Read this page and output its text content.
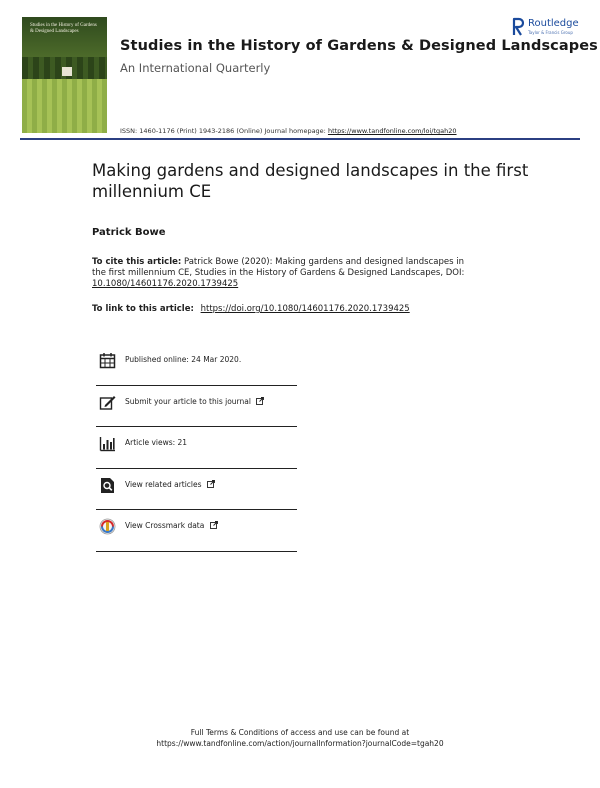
Studies in the History of Gardens & Designed Landscapes
Studies in the History of Gardens & Designed Landscapes
An International Quarterly
Routledge
Taylor & Francis Group
ISSN: 1460-1176 (Print) 1943-2186 (Online) Journal homepage: https://www.tandfonline.com/loi/tgah20
Making gardens and designed landscapes in the first millennium CE
Patrick Bowe
To cite this article: Patrick Bowe (2020): Making gardens and designed landscapes in the first millennium CE, Studies in the History of Gardens & Designed Landscapes, DOI: 10.1080/14601176.2020.1739425
To link to this article: https://doi.org/10.1080/14601176.2020.1739425
Published online: 24 Mar 2020.
Submit your article to this journal
Article views: 21
View related articles
View Crossmark data
Full Terms & Conditions of access and use can be found at
https://www.tandfonline.com/action/journalInformation?journalCode=tgah20
